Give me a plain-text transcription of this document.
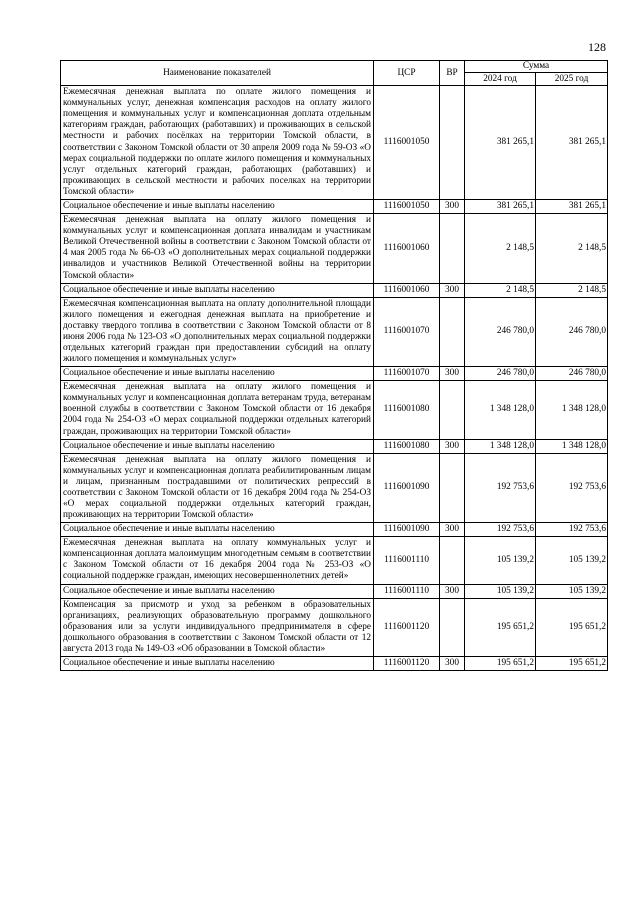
128
Наименование показателей	ЦСР	ВР	Сумма	
			2024 год	2025 год
Ежемесячная денежная выплата по оплате жилого помещения и коммунальных услуг, денежная компенсация расходов на оплату жилого помещения и коммунальных услуг и компенсационная доплата отдельным категориям граждан, работающих (работавших) и проживающих в сельской местности и рабочих посёлках на территории Томской области, в соответствии с Законом Томской области от 30 апреля 2009 года № 59-ОЗ «О мерах социальной поддержки по оплате жилого помещения и коммунальных услуг отдельных категорий граждан, работающих (работавших) и проживающих в сельской местности и рабочих поселках на территории Томской области»	1116001050		381 265,1	381 265,1
Социальное обеспечение и иные выплаты населению	1116001050	300	381 265,1	381 265,1
Ежемесячная денежная выплата на оплату жилого помещения и коммунальных услуг и компенсационная доплата инвалидам и участникам Великой Отечественной войны в соответствии с Законом Томской области от 4 мая 2005 года № 66-ОЗ «О дополнительных мерах социальной поддержки инвалидов и участников Великой Отечественной войны на территории Томской области»	1116001060		2 148,5	2 148,5
Социальное обеспечение и иные выплаты населению	1116001060	300	2 148,5	2 148,5
Ежемесячная компенсационная выплата на оплату дополнительной площади жилого помещения и ежегодная денежная выплата на приобретение и доставку твердого топлива в соответствии с Законом Томской области от 8 июня 2006 года № 123-ОЗ «О дополнительных мерах социальной поддержки отдельных категорий граждан при предоставлении субсидий на оплату жилого помещения и коммунальных услуг»	1116001070		246 780,0	246 780,0
Социальное обеспечение и иные выплаты населению	1116001070	300	246 780,0	246 780,0
Ежемесячная денежная выплата на оплату жилого помещения и коммунальных услуг и компенсационная доплата ветеранам труда, ветеранам военной службы в соответствии с Законом Томской области от 16 декабря 2004 года № 254-ОЗ «О мерах социальной поддержки отдельных категорий граждан, проживающих на территории Томской области»	1116001080		1 348 128,0	1 348 128,0
Социальное обеспечение и иные выплаты населению	1116001080	300	1 348 128,0	1 348 128,0
Ежемесячная денежная выплата на оплату жилого помещения и коммунальных услуг и компенсационная доплата реабилитированным лицам и лицам, признанным пострадавшими от политических репрессий в соответствии с Законом Томской области от 16 декабря 2004 года № 254-ОЗ «О мерах социальной поддержки отдельных категорий граждан, проживающих на территории Томской области»	1116001090		192 753,6	192 753,6
Социальное обеспечение и иные выплаты населению	1116001090	300	192 753,6	192 753,6
Ежемесячная денежная выплата на оплату коммунальных услуг и компенсационная доплата малоимущим многодетным семьям в соответствии с Законом Томской области от 16 декабря 2004 года № 253-ОЗ «О социальной поддержке граждан, имеющих несовершеннолетних детей»	1116001110		105 139,2	105 139,2
Социальное обеспечение и иные выплаты населению	1116001110	300	105 139,2	105 139,2
Компенсация за присмотр и уход за ребенком в образовательных организациях, реализующих образовательную программу дошкольного образования или за услуги индивидуального предпринимателя в сфере дошкольного образования в соответствии с Законом Томской области от 12 августа 2013 года № 149-ОЗ «Об образовании в Томской области»	1116001120		195 651,2	195 651,2
Социальное обеспечение и иные выплаты населению	1116001120	300	195 651,2	195 651,2
